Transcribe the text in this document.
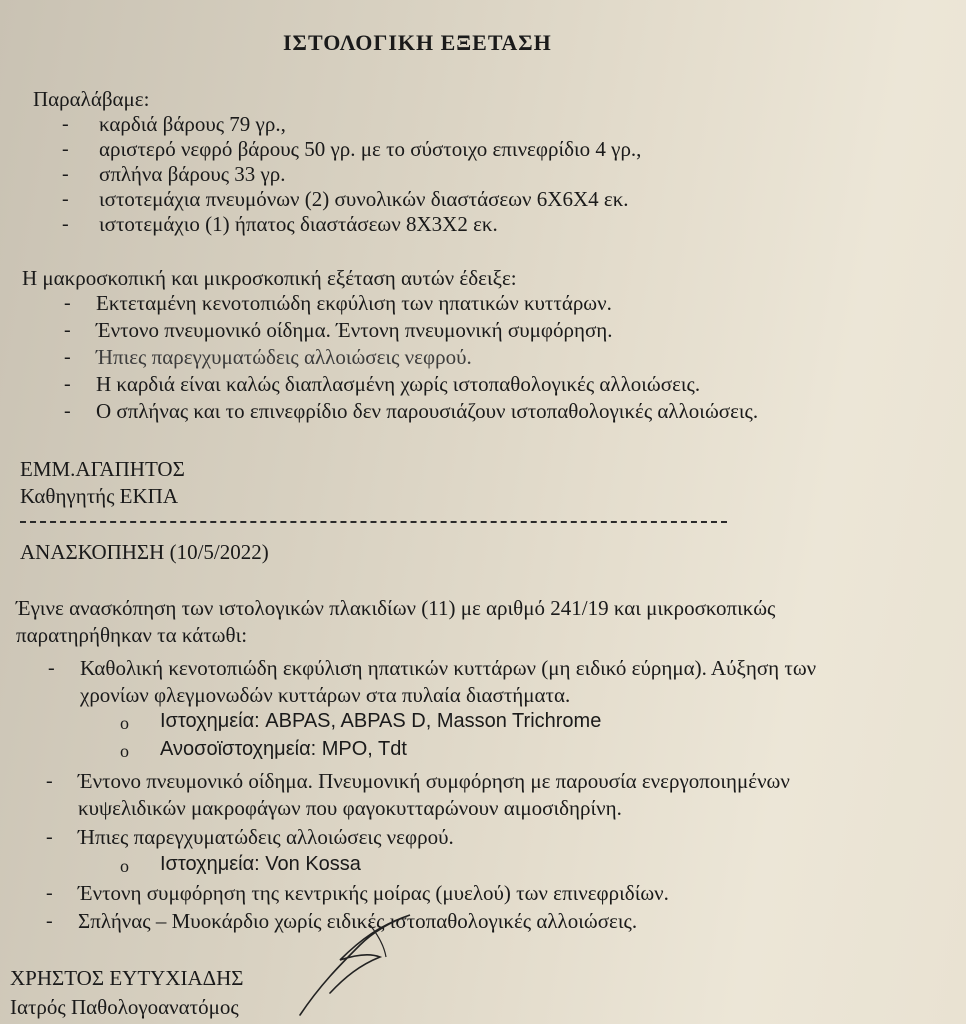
ΙΣΤΟΛΟΓΙΚΗ ΕΞΕΤΑΣΗ
Παραλάβαμε:
- καρδιά βάρους 79 γρ.,
- αριστερό νεφρό βάρους 50 γρ. με το σύστοιχο επινεφρίδιο 4 γρ.,
- σπλήνα βάρους 33 γρ.
- ιστοτεμάχια πνευμόνων (2) συνολικών διαστάσεων 6Χ6Χ4 εκ.
- ιστοτεμάχιο (1) ήπατος διαστάσεων 8Χ3Χ2 εκ.
Η μακροσκοπική και μικροσκοπική εξέταση αυτών έδειξε:
- Εκτεταμένη κενοτοπιώδη εκφύλιση των ηπατικών κυττάρων.
- Έντονο πνευμονικό οίδημα. Έντονη πνευμονική συμφόρηση.
- Ήπιες παρεγχυματώδεις αλλοιώσεις νεφρού.
- Η καρδιά είναι καλώς διαπλασμένη χωρίς ιστοπαθολογικές αλλοιώσεις.
- Ο σπλήνας και το επινεφρίδιο δεν παρουσιάζουν ιστοπαθολογικές αλλοιώσεις.
ΕΜΜ.ΑΓΑΠΗΤΟΣ
Καθηγητής ΕΚΠΑ
ΑΝΑΣΚΟΠΗΣΗ (10/5/2022)
Έγινε ανασκόπηση των ιστολογικών πλακιδίων (11) με αριθμό 241/19 και μικροσκοπικώς
παρατηρήθηκαν τα κάτωθι:
- Καθολική κενοτοπιώδη εκφύλιση ηπατικών κυττάρων (μη ειδικό εύρημα). Αύξηση των
χρονίων φλεγμονωδών κυττάρων στα πυλαία διαστήματα.
o Ιστοχημεία: ABPAS, ABPAS D, Masson Trichrome
o Ανοσοϊστοχημεία: MPO, Tdt
- Έντονο πνευμονικό οίδημα. Πνευμονική συμφόρηση με παρουσία ενεργοποιημένων
κυψελιδικών μακροφάγων που φαγοκυτταρώνουν αιμοσιδηρίνη.
- Ήπιες παρεγχυματώδεις αλλοιώσεις νεφρού.
o Ιστοχημεία: Von Kossa
- Έντονη συμφόρηση της κεντρικής μοίρας (μυελού) των επινεφριδίων.
- Σπλήνας – Μυοκάρδιο χωρίς ειδικές ιστοπαθολογικές αλλοιώσεις.
ΧΡΗΣΤΟΣ ΕΥΤΥΧΙΑΔΗΣ
Ιατρός Παθολογοανατόμος
